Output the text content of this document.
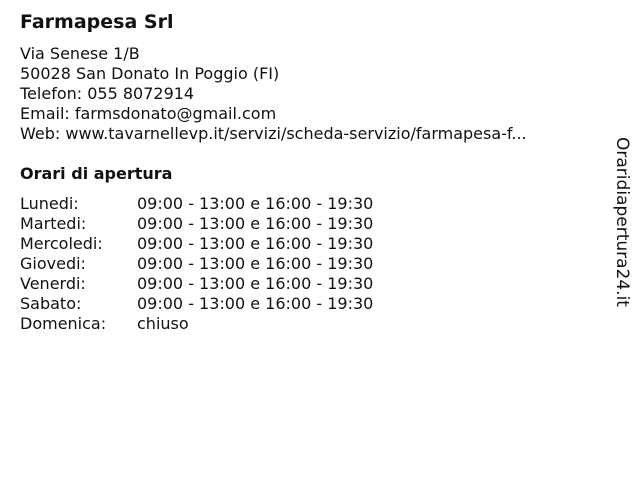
Farmapesa Srl
Via Senese 1/B
50028 San Donato In Poggio (FI)
Telefon: 055 8072914
Email: farmsdonato@gmail.com
Web: www.tavarnellevp.it/servizi/scheda-servizio/farmapesa-f...
Orari di apertura
Lunedi:	09:00 - 13:00 e 16:00 - 19:30
Martedi:	09:00 - 13:00 e 16:00 - 19:30
Mercoledi: 09:00 - 13:00 e 16:00 - 19:30
Giovedi:	09:00 - 13:00 e 16:00 - 19:30
Venerdi:	09:00 - 13:00 e 16:00 - 19:30
Sabato:	09:00 - 13:00 e 16:00 - 19:30
Domenica: chiuso
Oraridiapertura24.it
